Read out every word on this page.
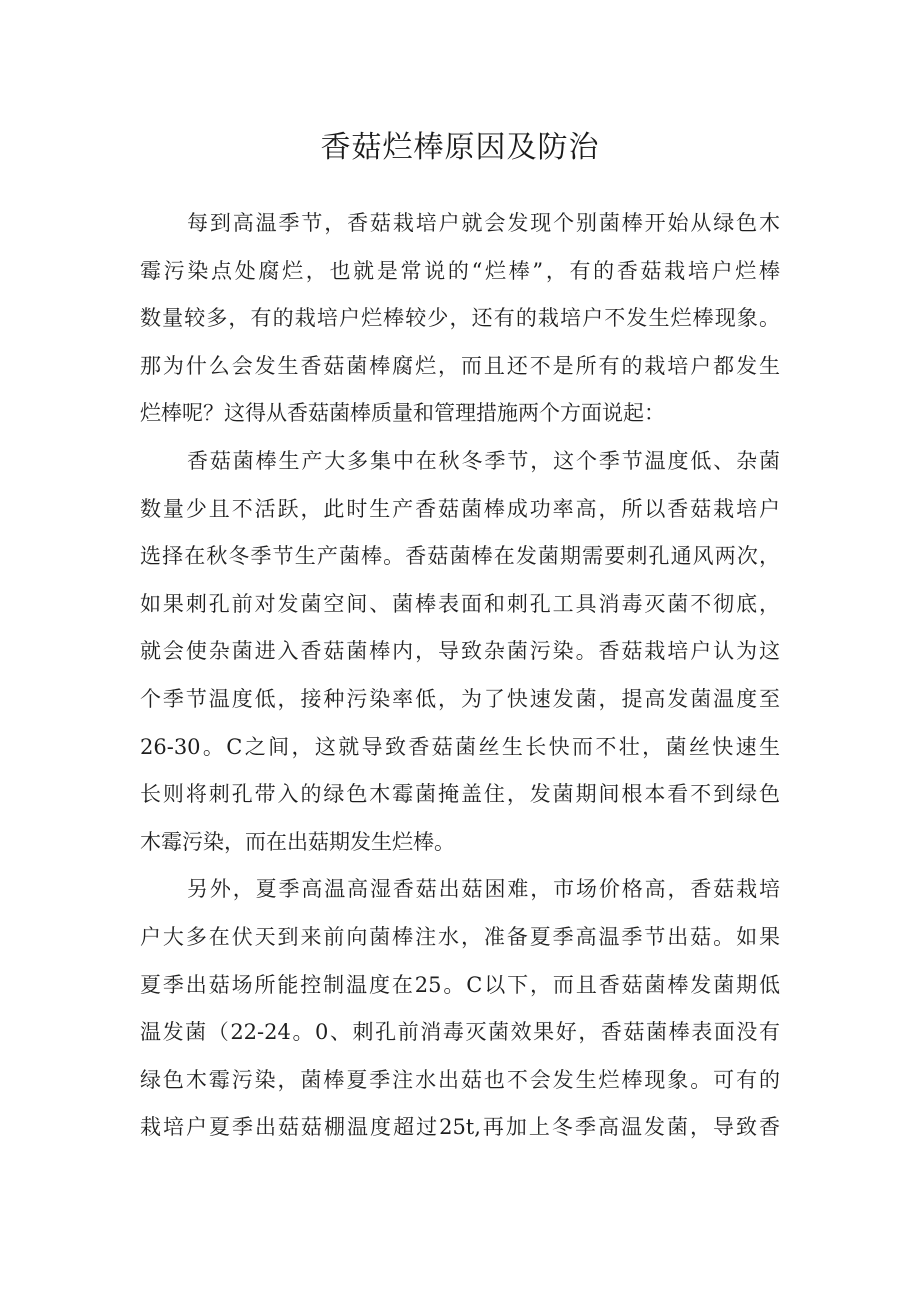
香菇烂棒原因及防治
每到高温季节，香菇栽培户就会发现个别菌棒开始从绿色木
霉污染点处腐烂，也就是常说的“烂棒”，有的香菇栽培户烂棒
数量较多，有的栽培户烂棒较少，还有的栽培户不发生烂棒现象。
那为什么会发生香菇菌棒腐烂，而且还不是所有的栽培户都发生
烂棒呢？这得从香菇菌棒质量和管理措施两个方面说起：
香菇菌棒生产大多集中在秋冬季节，这个季节温度低、杂菌
数量少且不活跃，此时生产香菇菌棒成功率高，所以香菇栽培户
选择在秋冬季节生产菌棒。香菇菌棒在发菌期需要刺孔通风两次，
如果刺孔前对发菌空间、菌棒表面和刺孔工具消毒灭菌不彻底，
就会使杂菌进入香菇菌棒内，导致杂菌污染。香菇栽培户认为这
个季节温度低，接种污染率低，为了快速发菌，提高发菌温度至
26-30。C之间，这就导致香菇菌丝生长快而不壮，菌丝快速生
长则将刺孔带入的绿色木霉菌掩盖住，发菌期间根本看不到绿色
木霉污染，而在出菇期发生烂棒。
另外，夏季高温高湿香菇出菇困难，市场价格高，香菇栽培
户大多在伏天到来前向菌棒注水，准备夏季高温季节出菇。如果
夏季出菇场所能控制温度在25。C以下，而且香菇菌棒发菌期低
温发菌（22-24。0、刺孔前消毒灭菌效果好，香菇菌棒表面没有
绿色木霉污染，菌棒夏季注水出菇也不会发生烂棒现象。可有的
栽培户夏季出菇菇棚温度超过25t,再加上冬季高温发菌，导致香
